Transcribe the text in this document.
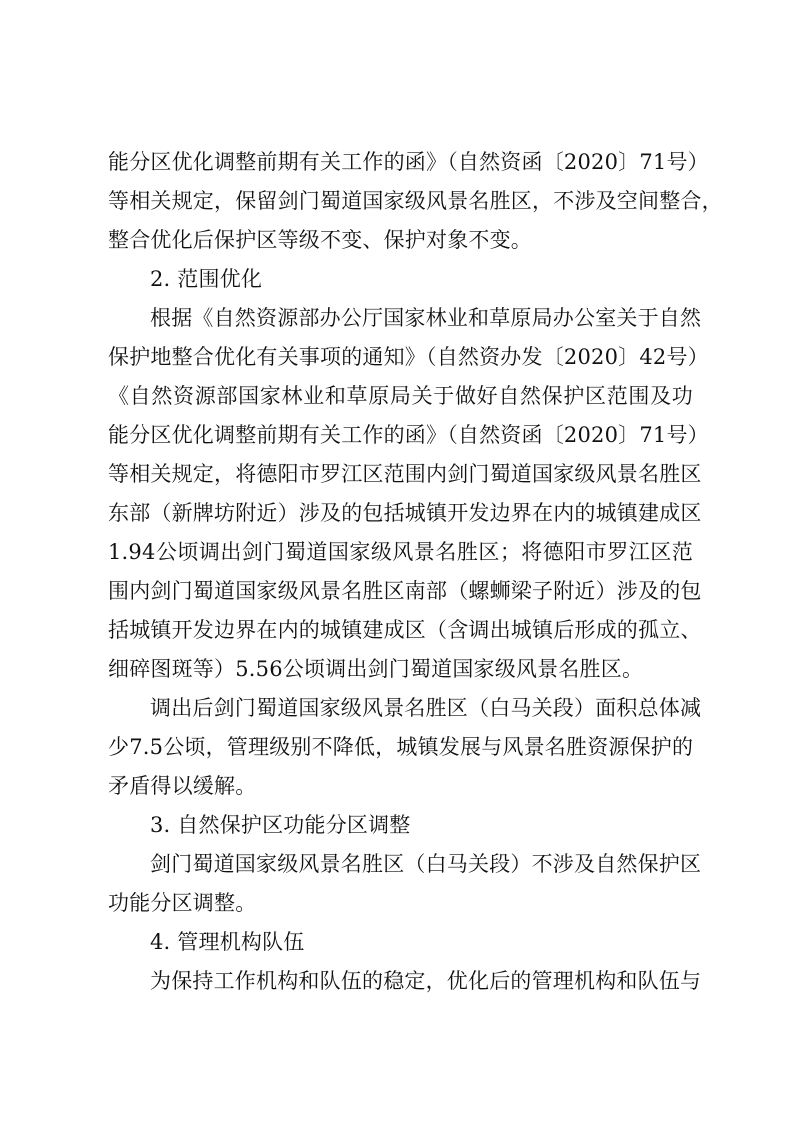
能分区优化调整前期有关工作的函》（自然资函〔2020〕71号）
等相关规定，保留剑门蜀道国家级风景名胜区，不涉及空间整合，
整合优化后保护区等级不变、保护对象不变。
2. 范围优化
根据《自然资源部办公厅国家林业和草原局办公室关于自然
保护地整合优化有关事项的通知》（自然资办发〔2020〕42号）
《自然资源部国家林业和草原局关于做好自然保护区范围及功
能分区优化调整前期有关工作的函》（自然资函〔2020〕71号）
等相关规定，将德阳市罗江区范围内剑门蜀道国家级风景名胜区
东部（新牌坊附近）涉及的包括城镇开发边界在内的城镇建成区
1.94公顷调出剑门蜀道国家级风景名胜区；将德阳市罗江区范
围内剑门蜀道国家级风景名胜区南部（螺蛳梁子附近）涉及的包
括城镇开发边界在内的城镇建成区（含调出城镇后形成的孤立、
细碎图斑等）5.56公顷调出剑门蜀道国家级风景名胜区。
调出后剑门蜀道国家级风景名胜区（白马关段）面积总体减
少7.5公顷，管理级别不降低，城镇发展与风景名胜资源保护的
矛盾得以缓解。
3. 自然保护区功能分区调整
剑门蜀道国家级风景名胜区（白马关段）不涉及自然保护区
功能分区调整。
4. 管理机构队伍
为保持工作机构和队伍的稳定，优化后的管理机构和队伍与
